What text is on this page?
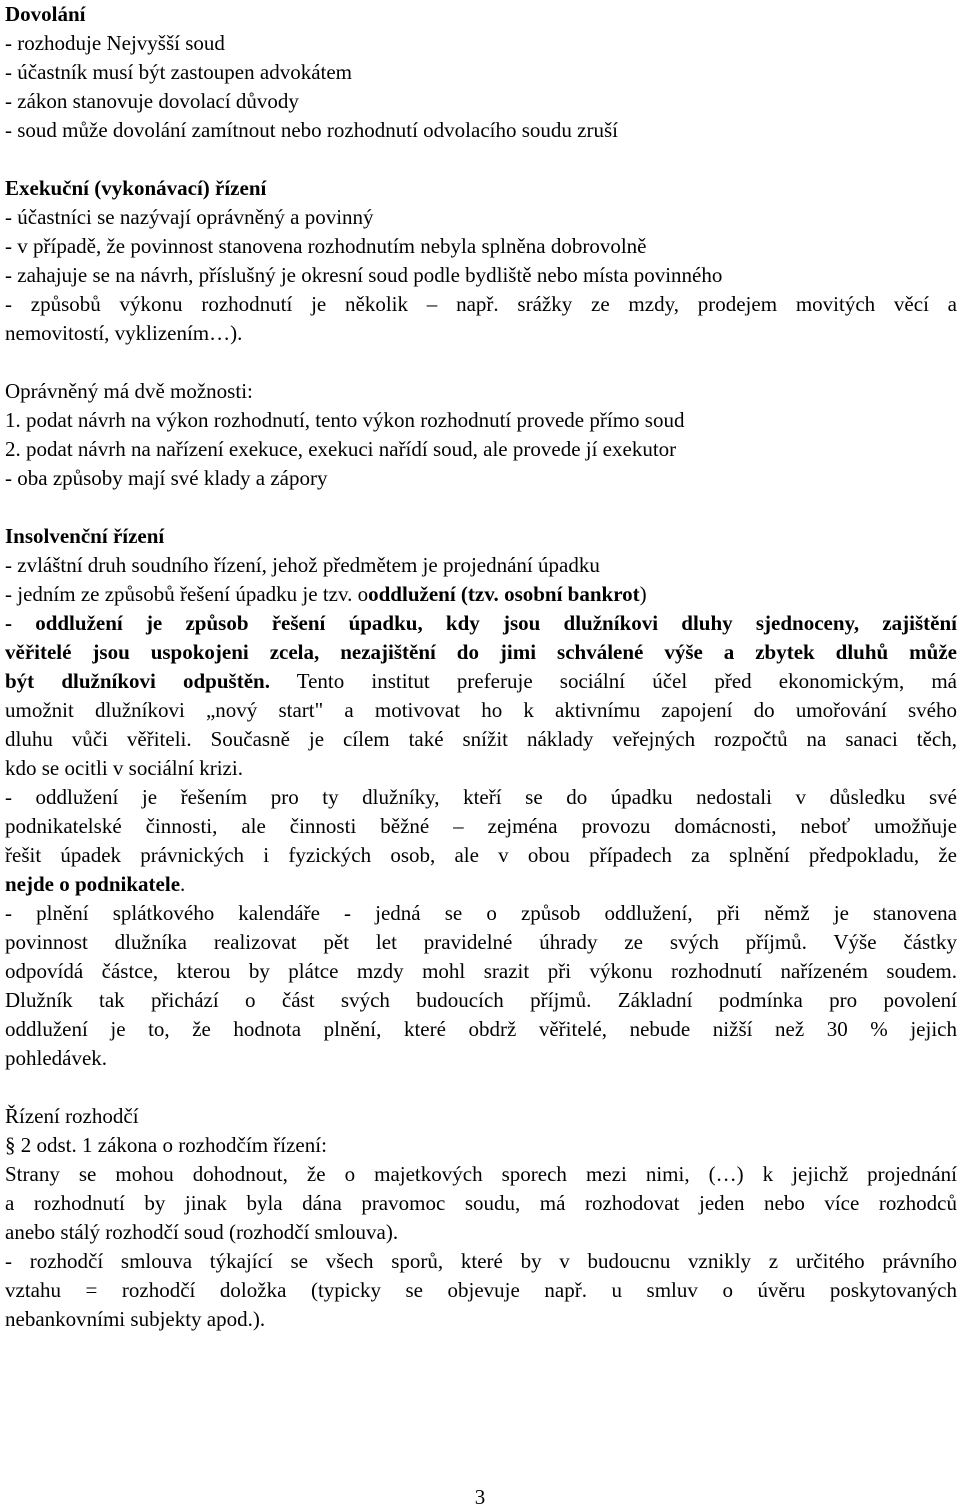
Dovolání
- rozhoduje Nejvyšší soud
- účastník musí být zastoupen advokátem
- zákon stanovuje dovolací důvody
- soud může dovolání zamítnout nebo rozhodnutí odvolacího soudu zruší
Exekuční (vykonávací) řízení
- účastníci se nazývají oprávněný a povinný
- v případě, že povinnost stanovena rozhodnutím nebyla splněna dobrovolně
- zahajuje se na návrh, příslušný je okresní soud podle bydliště nebo místa povinného
- způsobů výkonu rozhodnutí je několik – např. srážky ze mzdy, prodejem movitých věcí a
nemovitostí, vyklizením…).
Oprávněný má dvě možnosti:
1. podat návrh na výkon rozhodnutí, tento výkon rozhodnutí provede přímo soud
2. podat návrh na nařízení exekuce, exekuci nařídí soud, ale provede jí exekutor
- oba způsoby mají své klady a zápory
Insolvenční řízení
- zvláštní druh soudního řízení, jehož předmětem je projednání úpadku
- jedním ze způsobů řešení úpadku je tzv. ooddlužení (tzv. osobní bankrot)
- oddlužení je způsob řešení úpadku, kdy jsou dlužníkovi dluhy sjednoceny, zajištění
věřitelé jsou uspokojeni zcela, nezajištění do jimi schválené výše a zbytek dluhů může
být dlužníkovi odpuštěn. Tento institut preferuje sociální účel před ekonomickým, má
umožnit dlužníkovi „nový start" a motivovat ho k aktivnímu zapojení do umořování svého
dluhu vůči věřiteli. Současně je cílem také snížit náklady veřejných rozpočtů na sanaci těch,
kdo se ocitli v sociální krizi.
- oddlužení je řešením pro ty dlužníky, kteří se do úpadku nedostali v důsledku své
podnikatelské činnosti, ale činnosti běžné – zejména provozu domácnosti, neboť umožňuje
řešit úpadek právnických i fyzických osob, ale v obou případech za splnění předpokladu, že
nejde o podnikatele.
- plnění splátkového kalendáře - jedná se o způsob oddlužení, při němž je stanovena
povinnost dlužníka realizovat pět let pravidelné úhrady ze svých příjmů. Výše částky
odpovídá částce, kterou by plátce mzdy mohl srazit při výkonu rozhodnutí nařízeném soudem.
Dlužník tak přichází o část svých budoucích příjmů. Základní podmínka pro povolení
oddlužení je to, že hodnota plnění, které obdrž věřitelé, nebude nižší než 30 % jejich
pohledávek.
Řízení rozhodčí
§ 2 odst. 1 zákona o rozhodčím řízení:
Strany se mohou dohodnout, že o majetkových sporech mezi nimi, (…) k jejichž projednání
a rozhodnutí by jinak byla dána pravomoc soudu, má rozhodovat jeden nebo více rozhodců
anebo stálý rozhodčí soud (rozhodčí smlouva).
- rozhodčí smlouva týkající se všech sporů, které by v budoucnu vznikly z určitého právního
vztahu = rozhodčí doložka (typicky se objevuje např. u smluv o úvěru poskytovaných
nebankovními subjekty apod.).
3
